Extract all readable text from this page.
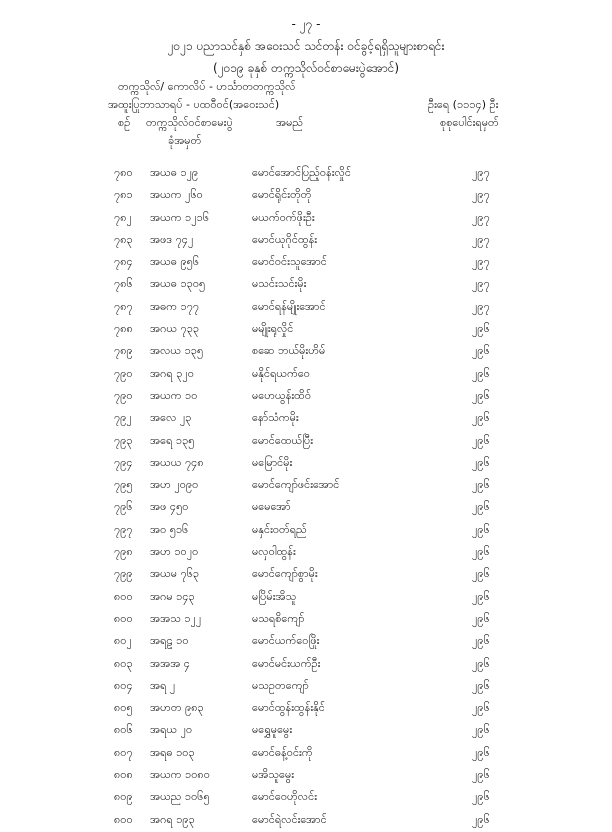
- ၂၇ -
၂၀၂၁ ပညာသင်နှစ် အဝေးသင် သင်တန်း ဝင်ခွင့်ရရှိသူများစာရင်း
(၂၀၁၉ ခုနှစ် တက္ကသိုလ်ဝင်စာမေးပွဲအောင်)
တက္ကသိုလ်/ ကောလိပ် - ဟင်္သာတတက္ကသိုလ်
အထူးပြုဘာသာရပ် - ပထဝီဝင်(အဝေးသင်)	ဦးရေ (၁၁၁၄) ဦး
စဉ် တက္ကသိုလ်ဝင်စာမေးပွဲ
ခုံအမှတ်
အမည်	စုစုပေါင်းရမှတ်
၇၈၀ အယဓ ၁၂၉	မောင်အောင်ပြည့်ဝန်းလှိုင်	၂၉၇
၇၈၁ အယက ၂၆၀	မောင်ရိုင်းတိုတို	၂၉၇
၇၈၂ အယက ၁၂၁၆	မယက်ဝက်ဖိုးဦး	၂၉၇
၇၈၃ အဖဒ ၇၄၂	မောင်ယုဂိုင်ထွန်း	၂၉၇
၇၈၄ အယဓ ၉၅၆	မောင်ဝင်းသူအောင်	၂၉၇
၇၈၆ အယဓ ၁၃၀၅	မသင်းသင်းမိုး	၂၉၇
၇၈၇ အဓက ၁၇၇	မောင်ရန်မျိုးအောင်	၂၉၇
၇၈၈ အဂယ ၇၃၃	မမျိုးရုလှိုင်	၂၉၆
၇၈၉ အလယ ၁၃၅	စဆေ ဘယ်မိုးဟိမ်	၂၉၆
၇၉၀ အဂရ ၃၂၀	မနိုင်ရယက်ဝေ	၂၉၆
၇၉၀ အယက ၁၀	မဟေယွန်းထိဝ်	၂၉၆
၇၉၂ အလေ ၂၃	နော်သံကမိုး	၂၉၆
၇၉၃ အရေ ၁၃၅	မောင်ထေယ်ပြီး	၂၉၆
၇၉၄ အယယ ၇၄၈	မမြောင်မိုး	၂၉၆
၇၉၅ အဟ ၂၀၉၀	မောင်ကျော်ဖင်းအောင်	၂၉၆
၇၉၆ အဖ ၄၅၀	မမေအော်	၂၉၆
၇၉၇ အဝ ၅၁၆	မနှင်းဝတ်ရည်	၂၉၆
၇၉၈ အဟ ၁၀၂၀	မလှဝါထွန်း	၂၉၆
၇၉၉ အယမ ၇၆၃	မောင်ကျော်စွာမိုး	၂၉၆
၈၀၀ အဂမ ၁၄၃	မပြိမ်းအိသူ	၂၉၆
၈၀၀ အအသ ၁၂၂	မသရစိကျော်	၂၉၆
၈၀၂ အရဠ ၁၀	မောင်ယက်ဝေဖြိုး	၂၉၆
၈၀၃ အအအ ၄	မောင်မင်းယက်ဦး	၂၉၆
၈၀၄ အရ ၂	မသဥတကျော်	၂၉၆
၈၀၅ အဟတ ၉၈၃	မောင်ထွန်းထွန်းနိုင်	၂၉၆
၈၀၆ အရယ ၂၀	မရွှေမူမွေး	၂၉၆
၈၀၇ အရဓ ၁၀၃	မောင်ဓန့်ဝင်းကို	၂၉၆
၈၀၈ အယက ၁၀၈၀	မအိသူမွေး	၂၉၆
၈၀၉ အယည ၁၀၆၅	မောင်ဝေဟိုလင်း	၂၉၆
၈၀၀ အဂရ ၁၉၃	မောင်ရဲလင်းအောင်	၂၉၆
